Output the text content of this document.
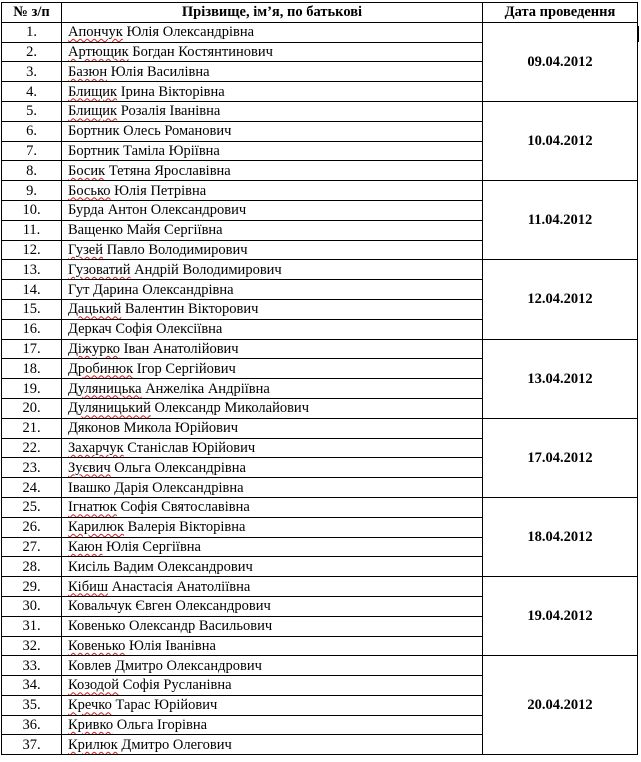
№ з/п	Прізвище, ім’я, по батькові	Дата проведення
1.	Апончук Юлія Олександрівна	09.04.2012
2.	Артющик Богдан Костянтинович	
3.	Базюн Юлія Василівна	
4.	Блищик Ірина Вікторівна	
5.	Блищик Розалія Іванівна	10.04.2012
6.	Бортник Олесь Романович	
7.	Бортник Таміла Юріївна	
8.	Босик Тетяна Ярославівна	
9.	Босько Юлія Петрівна	11.04.2012
10.	Бурда Антон Олександрович	
11.	Ващенко Майя Сергіївна	
12.	Гузей Павло Володимирович	
13.	Гузоватий Андрій Володимирович	12.04.2012
14.	Гут Дарина Олександрівна	
15.	Дацький Валентин Вікторович	
16.	Деркач Софія Олексіївна	
17.	Діжурко Іван Анатолійович	13.04.2012
18.	Дробинюк Ігор Сергійович	
19.	Дуляницька Анжеліка Андріївна	
20.	Дуляницький Олександр Миколайович	
21.	Дяконов Микола Юрійович	17.04.2012
22.	Захарчук Станіслав Юрійович	
23.	Зуєвич Ольга Олександрівна	
24.	Івашко Дарія Олександрівна	
25.	Ігнатюк Софія Святославівна	18.04.2012
26.	Карилюк Валерія Вікторівна	
27.	Каюн Юлія Сергіївна	
28.	Кисіль Вадим Олександрович	
29.	Кібиш Анастасія Анатоліївна	19.04.2012
30.	Ковальчук Євген Олександрович	
31.	Ковенько Олександр Васильович	
32.	Ковенько Юлія Іванівна	
33.	Ковлев Дмитро Олександрович	20.04.2012
34.	Козодой Софія Русланівна	
35.	Кречко Тарас Юрійович	
36.	Кривко Ольга Ігорівна	
37.	Крилюк Дмитро Олегович	
